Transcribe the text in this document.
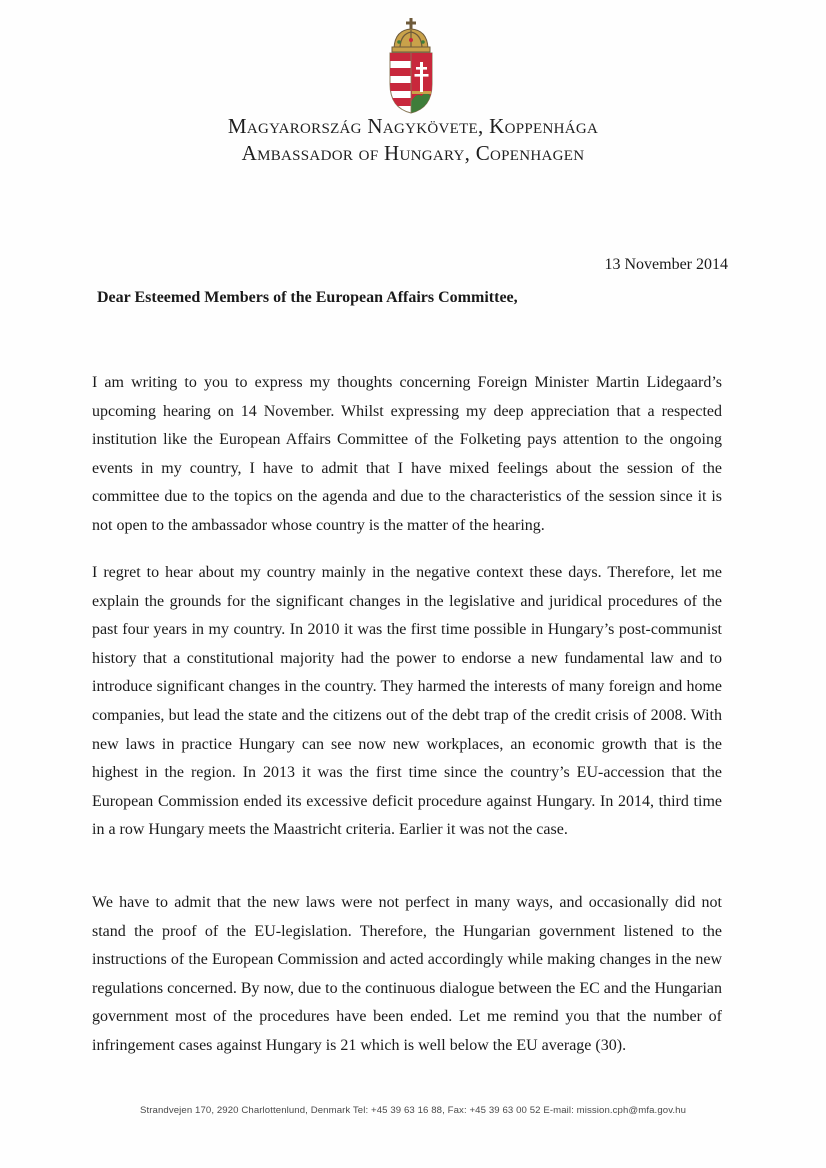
Magyarország Nagykövete, Koppenhága

Ambassador of Hungary, Copenhagen

13 November 2014

Dear Esteemed Members of the European Affairs Committee,

I am writing to you to express my thoughts concerning Foreign Minister Martin Lidegaard’s upcoming hearing on 14 November. Whilst expressing my deep appreciation that a respected institution like the European Affairs Committee of the Folketing pays attention to the ongoing events in my country, I have to admit that I have mixed feelings about the session of the committee due to the topics on the agenda and due to the characteristics of the session since it is not open to the ambassador whose country is the matter of the hearing.

I regret to hear about my country mainly in the negative context these days. Therefore, let me explain the grounds for the significant changes in the legislative and juridical procedures of the past four years in my country. In 2010 it was the first time possible in Hungary’s post-communist history that a constitutional majority had the power to endorse a new fundamental law and to introduce significant changes in the country. They harmed the interests of many foreign and home companies, but lead the state and the citizens out of the debt trap of the credit crisis of 2008. With new laws in practice Hungary can see now new workplaces, an economic growth that is the highest in the region. In 2013 it was the first time since the country’s EU-accession that the European Commission ended its excessive deficit procedure against Hungary. In 2014, third time in a row Hungary meets the Maastricht criteria. Earlier it was not the case.

We have to admit that the new laws were not perfect in many ways, and occasionally did not stand the proof of the EU-legislation. Therefore, the Hungarian government listened to the instructions of the European Commission and acted accordingly while making changes in the new regulations concerned. By now, due to the continuous dialogue between the EC and the Hungarian government most of the procedures have been ended. Let me remind you that the number of infringement cases against Hungary is 21 which is well below the EU average (30).

Strandvejen 170, 2920 Charlottenlund, Denmark Tel: +45 39 63 16 88, Fax: +45 39 63 00 52 E-mail: mission.cph@mfa.gov.hu
